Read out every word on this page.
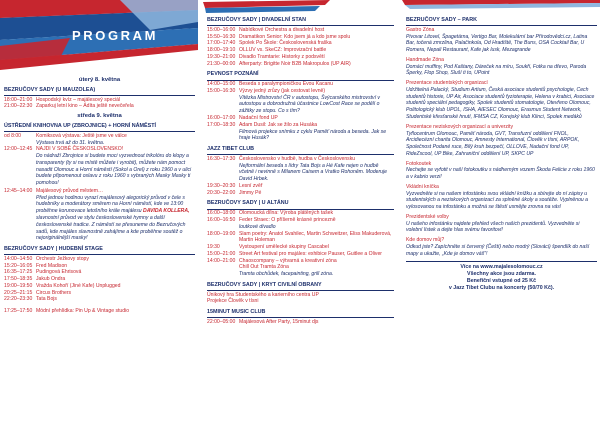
PROGRAM
úterý 8. května
BEZRUČOVY SADY (U MAUZOLEA)
18:00–21:00 Hospodský kvíz – majálesový speciál
21:00–22:30 Zaparkuj letní kino – Ádíta ještě nevečeřela
středa 9. května
ÚSTŘEDNÍ KNIHOVNA UP (ZBROJNICE) + HORNÍ NÁMĚSTÍ
od 8:00	Komiksová výstava: Ještě jsme ve válce
Výstava trvá až do 31. května.
12:00–12:45 NAJDI V SOBĚ ČESKOSLOVENSKO!
Do nádraží Zbrojnice si budete moci vyzvednout trikolóru do klopy a transparenty (ty si na místě můžete i vyrobit), můžete nám pomoct nasadit Olomouc a Horní náměstí (Sokol a Orel) z roku 1960 a v ulici budete připomenout oslavu z roku 1960 s vybraných Masky Masky ti pomohou!
12:45–14:00 Majálesový průvod městem…
Před jednou hodinou vyrazí majálesový alegorický průvod v čele s hudebníky a moderátory směrem na Horní náměstí, kde ve 13:00 proběhne korunovace letošního krále majálesu DAVIDA KOLLERA, slavnostní průvod ve stylu československé hymny a další československé tradice. Z náměstí se přesuneme do Bezručových sadů, kde majáles slavnostně zahájíme a kde proběhne soutěž o nejoriginálnější masky!
BEZRUČOVY SADY | HUDEBNÍ STAGE
14:00–14:50 Orchestr Ježkovy stopy
15:20–16:05 Fred Madison
16:35–17:25 Pudingová Ehrisová
17:50–18:35 Jakub Ondra
19:00–19:50 Vražda Kohoří (Jiné Kafe) Unplugged
20:25–21:15 Circus Brothers
22:20–23:30 Tata Bojs
17:25–17:50 Módní přehlídka: Pin Up & Vintage studio
BEZRUČOVY SADY | DIVADELNÍ STAN
15:00–16:00 Nabídkové Orchestra a divadelní host
15:50–16:30 Dramatikon Senior: Kdo jsem já a kdo jsme spolu
17:00–17:40 Spolek Po Škole: Československá fraška
18:00–19:10 OLLUV vs. SkeCZ: Improvizační battle
19:30–21:00 Divadlo Tramtarie: Historky z podsvětí
21:30–00:00 Afterparty: Brigitte Noir B2B Makropulos (UP AIR)
PEVNOST POZNÁNÍ
14:00–15:00 Beseda s paralympioničkou Evou Kacanu
15:00–16:30 Výzvy jedný zrůzy (jak cestovat levně)
Vítězka Mistrovství ČR v autostopu, Švýcarského mistrovství v autostopu a dobrodružná účastnice LowCost Race se podělí o zážitky ze stopu. Co s tím?
16:00–17:00 Nadační fond UP
17:00–18:30 Adam Dusil: Jak se žilo za Husáka
Filmová projekce snímku z cyklu Paměť národa a beseda. Jak se hraje Husák?
JAZZ TIBET CLUB
16:30–17:30 Československo v hudbě, hudba v Československu
Nejformální beseda s lídry Tata Bojs a Hé Kafe nejen o hudbě včetně i nevinně s Milanem Caisem a Vratko Rohoněm. Moderuje David Hrbek.
19:30–20:30 Lesní zvěř
20:30–22:00 Jimmy Pé
BEZRUČOVY SADY | U ALTÁNU
16:00–18:00 Olomoucká dílna: Výroba plátěných tašek
16:00–16:50 Feder Straec: O příšerně krásné princezně
loutkové divadlo
18:00–19:00 Slam poetry: Anatol Svahilec, Martin Schweitzer, Eliss Makuderová, Martin Holeman
19:30	Vystoupení umělecké skupiny Cascabel
15:00–21:00 Street Art festival pro majáles: exhibice Pauser, Guitlee a Oliver
14:00–21:00 Chaoscompany – výtvarná a kreativní zóna
Chill Out Tramta Zóna
Tramta obchůdek, facepainting, grill zóna.
BEZRUČOVY SADY | KRYT CIVILNÍ OBRANY
Únikový hra Studentského a karierního centra UP
Projekce Člověk v tísni
15MINUT MUSIC CLUB
22:00–05:00 Majálesová After Party, 15minut djs
BEZRUČOVY SADY – PARK
Gastro Zóna
Pivovar Litovel, Špagetárna, Vertigo Bar, Molekulární bar Přírodovědci.cz, Latina Bar, točená zmrzlina, Palačinkola, Od Hradiště, The Buns, OSA Cocktail Bar, U Romera, Nepali Restaurant, Kafe jak lusk, Mezagrande
Handmade Zóna
Domácí muffiny, Pod Kaštany, Dáreček na míru, Soukři, Fotka na dřevo, Paroda Šperky, Flop Shop, Sluší ti to, UPoint
Prezentace studentských organizací
Udržitelná Palacký, Studium Artium, Česká asociace studentů psychologie, Cech studentů historie, UP Air, Asociace studentů fyzioterapie, Helena v krabici, Asociace studentů speciální pedagogiky, Spolek studentů stomatologie, Otevřeno Olomouc, Politologický klub UPOL, ISHA, AIESEC Olomouc, Erasmus Student Network, Studentské křesťanské hnutí, IFMSA CZ, Korejský klub Klinci, Spolek medáků
Prezentace neziskových organizací a univerzity
Tyflocentrum Olomouc, Paměť národa, GVT, Transfuzní oddělení FNOL, Arcidiecézní charita Olomouc, Amnesty International, Člověk v tísni, ARPOK, Společnost Podané ruce, Bílý kruh bezpečí, OLLOVE, Nadační fond UP, RideZscool, UP Bike, Zahraniční oddělení UP, SKPC UP
Fotokoutek
Nechejte se vyfotit v naší fotokoutku s nádherným vozem Škoda Felicie z roku 1960 a v kabrio verzi!
Vkládni kníčka
Vyzvedněte si na našem infostánku svou vkládní knížku a sbírejte do ní zápisy u studentských a neziskových organizací za splněné úkoly a soutěže. Vyplněnou a vylosovanou na infostánku a možná se štěstí usmějte zrovna na vás!
Prezidentské volby
U našeho infostánku najdete přehled všech našich prezidentů. Vyzvedněte si volební lístek a dejte hlas svému favoritovi!
Kde domov můj?
Odkud jste? Zapíchněte si červený (Čeští) nebo modrý (Slováci) špendlík do naší mapy a ukažte, „Kde je domov váš"!
Více na www.majalesolomouc.cz
Všechny akce jsou zdarma.
Benefiční vstupné od 25 Kč
v Jazz Tibet Clubu na koncerty (50/70 Kč).
